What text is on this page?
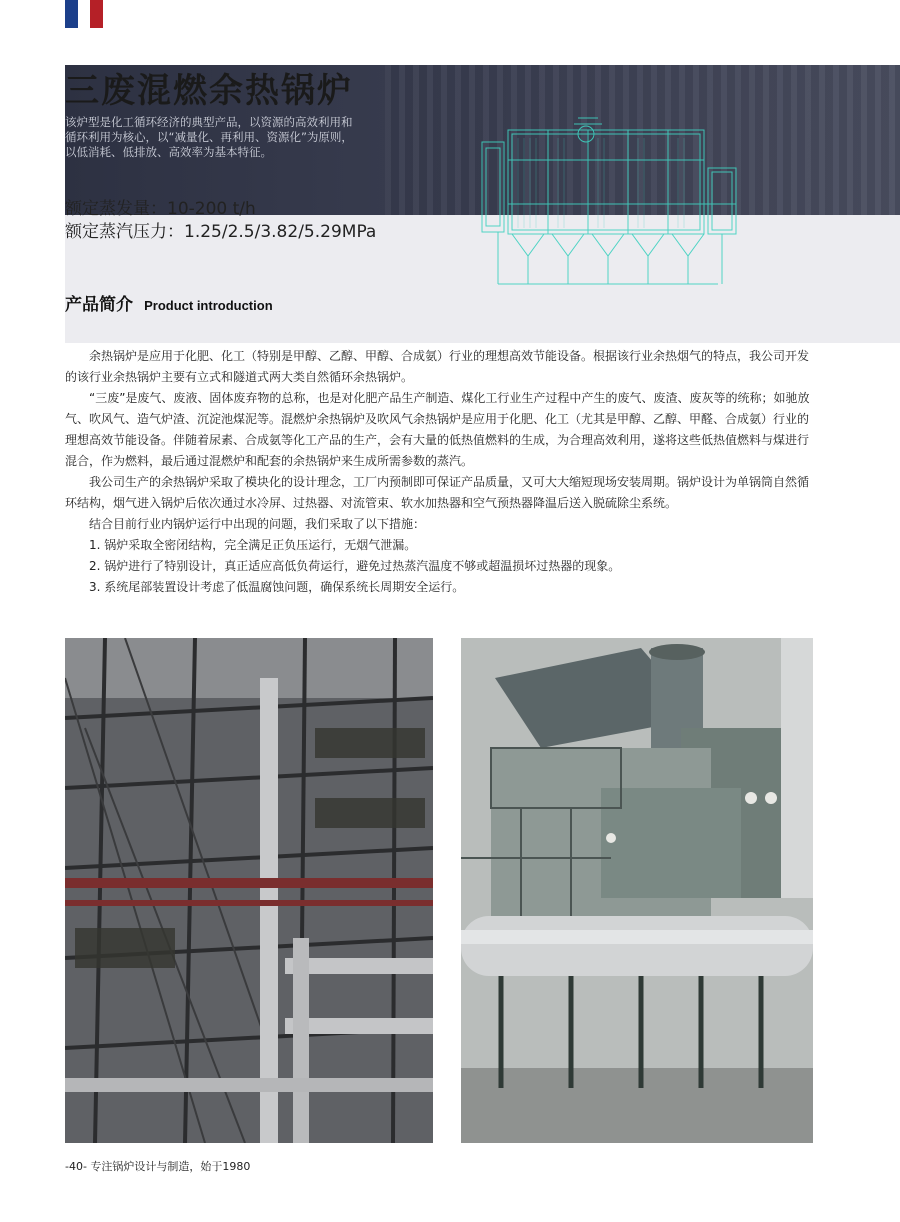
三废混燃余热锅炉
该炉型是化工循环经济的典型产品，以资源的高效利用和循环利用为核心，以“减量化、再利用、资源化”为原则，以低消耗、低排放、高效率为基本特征。
额定蒸发量：10-200 t/h
额定蒸汽压力：1.25/2.5/3.82/5.29MPa
产品简介 Product introduction

余热锅炉是应用于化肥、化工（特别是甲醇、乙醇、甲醇、合成氨）行业的理想高效节能设备。根据该行业余热烟气的特点，我公司开发的该行业余热锅炉主要有立式和隧道式两大类自然循环余热锅炉。

“三废”是废气、废液、固体废弃物的总称，也是对化肥产品生产制造、煤化工行业生产过程中产生的废气、废渣、废灰等的统称；如驰放气、吹风气、造气炉渣、沉淀池煤泥等。混燃炉余热锅炉及吹风气余热锅炉是应用于化肥、化工（尤其是甲醇、乙醇、甲醛、合成氨）行业的理想高效节能设备。伴随着尿素、合成氨等化工产品的生产，会有大量的低热值燃料的生成，为合理高效利用，遂将这些低热值燃料与煤进行混合，作为燃料，最后通过混燃炉和配套的余热锅炉来生成所需参数的蒸汽。

我公司生产的余热锅炉采取了模块化的设计理念，工厂内预制即可保证产品质量，又可大大缩短现场安装周期。锅炉设计为单锅筒自然循环结构，烟气进入锅炉后依次通过水冷屏、过热器、对流管束、软水加热器和空气预热器降温后送入脱硫除尘系统。

结合目前行业内锅炉运行中出现的问题，我们采取了以下措施：

1. 锅炉采取全密闭结构，完全满足正负压运行，无烟气泄漏。

2. 锅炉进行了特别设计，真正适应高低负荷运行，避免过热蒸汽温度不够或超温损坏过热器的现象。

3. 系统尾部装置设计考虑了低温腐蚀问题，确保系统长周期安全运行。

-40- 专注锅炉设计与制造，始于1980
